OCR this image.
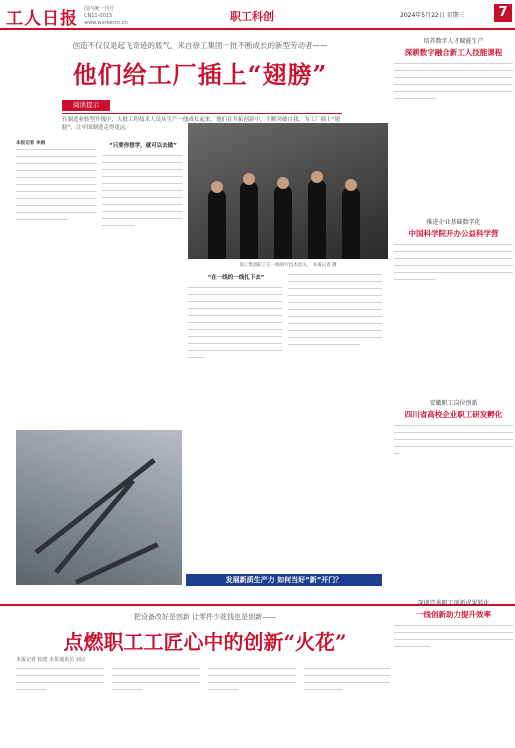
工人日报 国内统一刊号 CN11-0015 www.workercn.cn	职工科创	2024年5月22日 星期三	7
创造不仅仅是起飞奇迹的底气，来自徐工集团一批不断成长的新型劳动者——
他们给工厂插上“翅膀”
阅读提示
在制造业转型升级中，大批工程技术人员从生产一线成长起来。他们在开拓创新中，不断突破自我，为工厂插上“翅膀”，让中国制造走得更远。
本报记者 李娟
─────────────────────────────────────────────────────────────────────────────────────────────────────────────────────────────────────────────────────────────────────────────────────────────────────────────────────────────────────────────────────────────────────────────────────────────────────────────────────
“只要你想学，就可以去做”
──────────────────────────────────────────────────────────────────────────────────────────────────────────────────────────────────────────────────────────────────────────────────────────────────────────────────────────────────────────────────────────────────────────────────────────────────────────────
徐工集团职工在一线进行技术攻关。 本报记者 摄
“在一线的一线扎下去”
──────────────────────────────────────────────────────────────────────────────────────────────────────────────────────────────────────────────────────────────────────────────────────────────────────────────────────────────────────────────────────────────────────────────────────────────────────────────────────────────────────────────────────────
──────────────────────────────────────────────────────────────────────────────────────────────────────────────────────────────────────────────────────────────────────────────────────────────────────────────────────────────────────────────────────────────────────────────────────────────────────────────────────────────────────────────────────────────────────────────
发展新质生产力 如何当好“新”开门？
培养数字人才赋能生产
深耕数字融合新工人技能课程
──────────────────────────────────────────────────────────────────────────────────────────────────────────────────────────────────────────────────────────────────────────────────────────────────────────────────────────────────────
推进企业基础数字化
中国科学院开办公益科学营
──────────────────────────────────────────────────────────────────────────────────────────────────────────────────────────────────────────────────────────────────────────────────────────────────────────────────────────────────────
安徽职工岗位创新
四川省高校企业职工研发孵化
──────────────────────────────────────────────────────────────────────────────────────────────────────────────────────────────────────────────────────────────────────────────
把设备改好是创新 让零件少花钱也是创新——
点燃职工工匠心中的创新“火花”
本报记者 柏建 本报通讯员 刘宗
───────────────────────────────────────────────────────────────────────────────────────────────────────────
───────────────────────────────────────────────────────────────────────────────────────────────────────────
───────────────────────────────────────────────────────────────────────────────────────────────────────────
───────────────────────────────────────────────────────────────────────────────────────────────────────────
深圳完善职工创新成果转化
一线创新助力提升效率
──────────────────────────────────────────────────────────────────────────────────────────────────────────────────────────────────────────────
